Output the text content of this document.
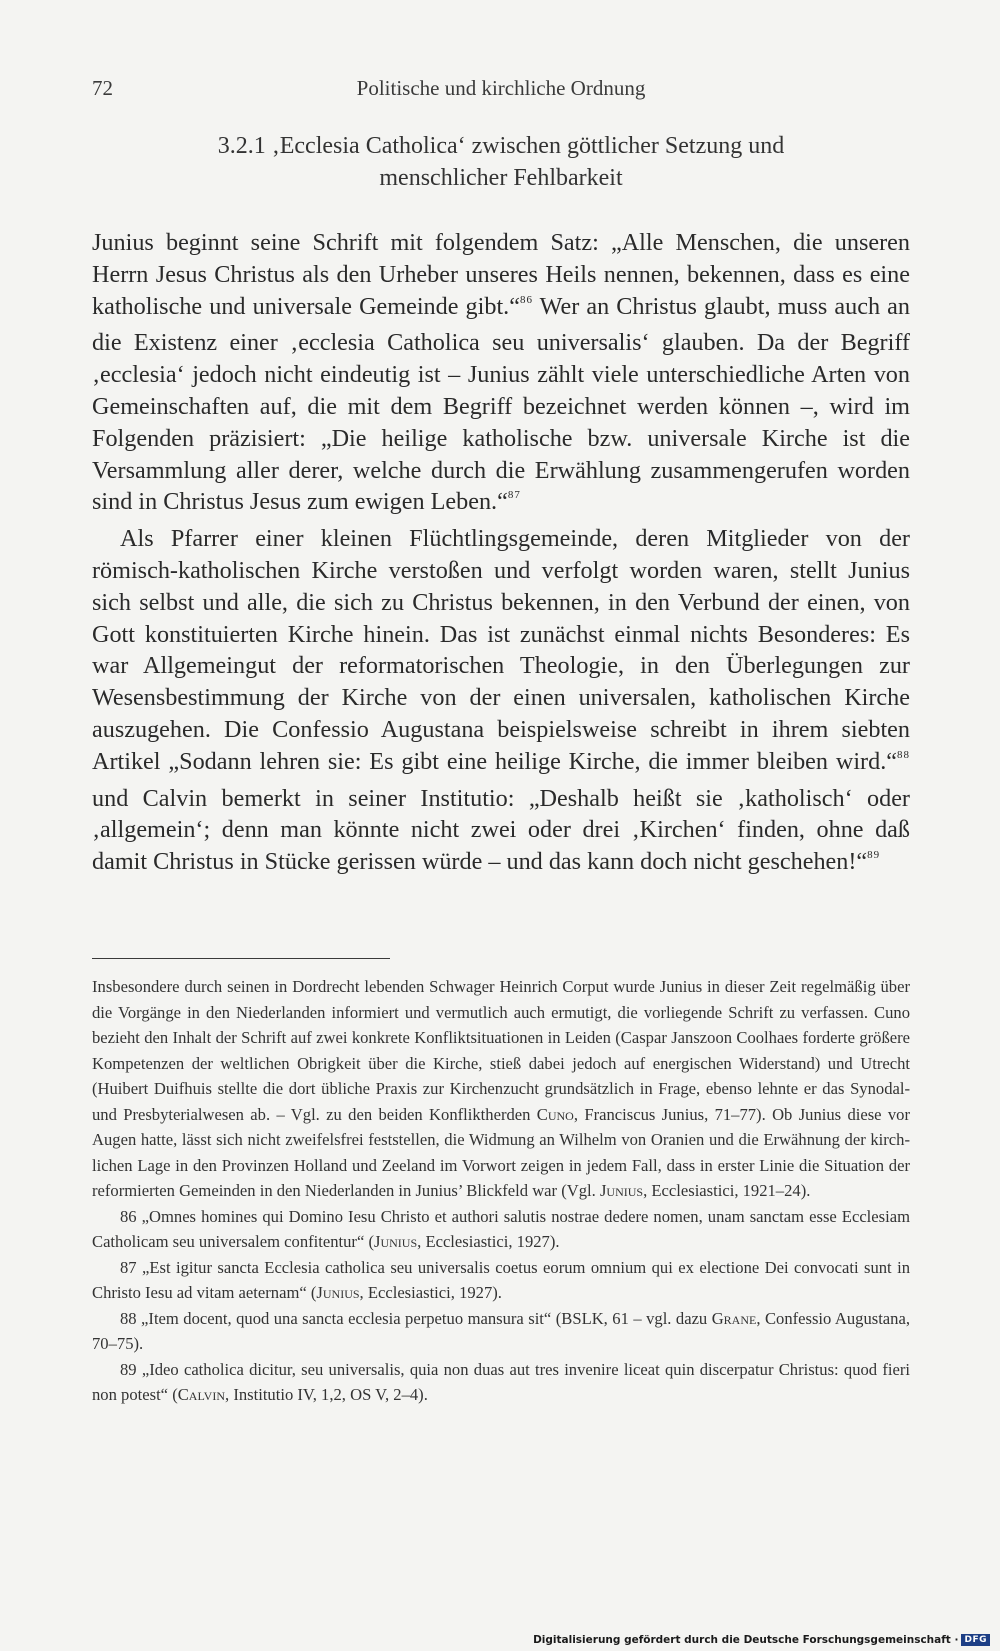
72	Politische und kirchliche Ordnung
3.2.1 ‚Ecclesia Catholica‘ zwischen göttlicher Setzung und
menschlicher Fehlbarkeit

Junius beginnt seine Schrift mit folgendem Satz: „Alle Menschen, die unseren Herrn Jesus Christus als den Urheber unseres Heils nennen, bekennen, dass es eine katholische und universale Gemeinde gibt.“$^{86}$ Wer an Christus glaubt, muss auch an die Existenz einer ‚ecclesia Catholica seu universalis‘ glauben. Da der Begriff ‚ecclesia‘ jedoch nicht eindeutig ist – Junius zählt viele unterschiedliche Arten von Gemeinschaften auf, die mit dem Begriff bezeichnet werden können –, wird im Folgenden präzisiert: „Die heilige katholische bzw. universale Kirche ist die Versammlung aller derer, welche durch die Erwählung zusammengerufen worden sind in Christus Jesus zum ewigen Leben.“$^{87}$

Als Pfarrer einer kleinen Flüchtlingsgemeinde, deren Mitglieder von der römisch-katholischen Kirche verstoßen und verfolgt worden waren, stellt Junius sich selbst und alle, die sich zu Christus bekennen, in den Verbund der einen, von Gott konstituierten Kirche hinein. Das ist zunächst einmal nichts Besonderes: Es war Allgemeingut der reformatorischen Theologie, in den Überlegungen zur Wesensbestimmung der Kirche von der einen universalen, katholischen Kirche auszugehen. Die Confessio Augustana beispielsweise schreibt in ihrem siebten Artikel „Sodann lehren sie: Es gibt eine heilige Kirche, die immer bleiben wird.“$^{88}$ und Calvin bemerkt in seiner Institutio: „Deshalb heißt sie ‚katholisch‘ oder ‚allgemein‘; denn man könnte nicht zwei oder drei ‚Kirchen‘ finden, ohne daß damit Christus in Stücke gerissen würde – und das kann doch nicht geschehen!“$^{89}$

Insbesondere durch seinen in Dordrecht lebenden Schwager Heinrich Corput wurde Junius in dieser Zeit regelmäßig über die Vorgänge in den Niederlanden informiert und vermutlich auch ermutigt, die vorliegende Schrift zu verfassen. Cuno bezieht den Inhalt der Schrift auf zwei konkrete Konfliktsituationen in Leiden (Caspar Janszoon Coolhaes forderte größere Kompetenzen der weltlichen Obrigkeit über die Kirche, stieß dabei jedoch auf energischen Widerstand) und Utrecht (Huibert Duifhuis stellte die dort übliche Praxis zur Kirchenzucht grundsätzlich in Frage, ebenso lehnte er das Synodal- und Presbyterialwesen ab. – Vgl. zu den beiden Konfliktherden Cuno, Franciscus Junius, 71–77). Ob Junius diese vor Augen hatte, lässt sich nicht zweifelsfrei feststellen, die Widmung an Wilhelm von Oranien und die Erwähnung der kirchlichen Lage in den Provinzen Holland und Zeeland im Vorwort zeigen in jedem Fall, dass in erster Linie die Situation der reformierten Gemeinden in den Niederlanden in Junius’ Blickfeld war (Vgl. Junius, Ecclesiastici, 1921–24).

86 „Omnes homines qui Domino Iesu Christo et authori salutis nostrae dedere nomen, unam sanctam esse Ecclesiam Catholicam seu universalem confitentur“ (Junius, Ecclesiastici, 1927).

87 „Est igitur sancta Ecclesia catholica seu universalis coetus eorum omnium qui ex electione Dei convocati sunt in Christo Iesu ad vitam aeternam“ (Junius, Ecclesiastici, 1927).

88 „Item docent, quod una sancta ecclesia perpetuo mansura sit“ (BSLK, 61 – vgl. dazu Grane, Confessio Augustana, 70–75).

89 „Ideo catholica dicitur, seu universalis, quia non duas aut tres invenire liceat quin discerpatur Christus: quod fieri non potest“ (Calvin, Institutio IV, 1,2, OS V, 2–4).

Digitalisierung gefördert durch die Deutsche Forschungsgemeinschaft · DFG
